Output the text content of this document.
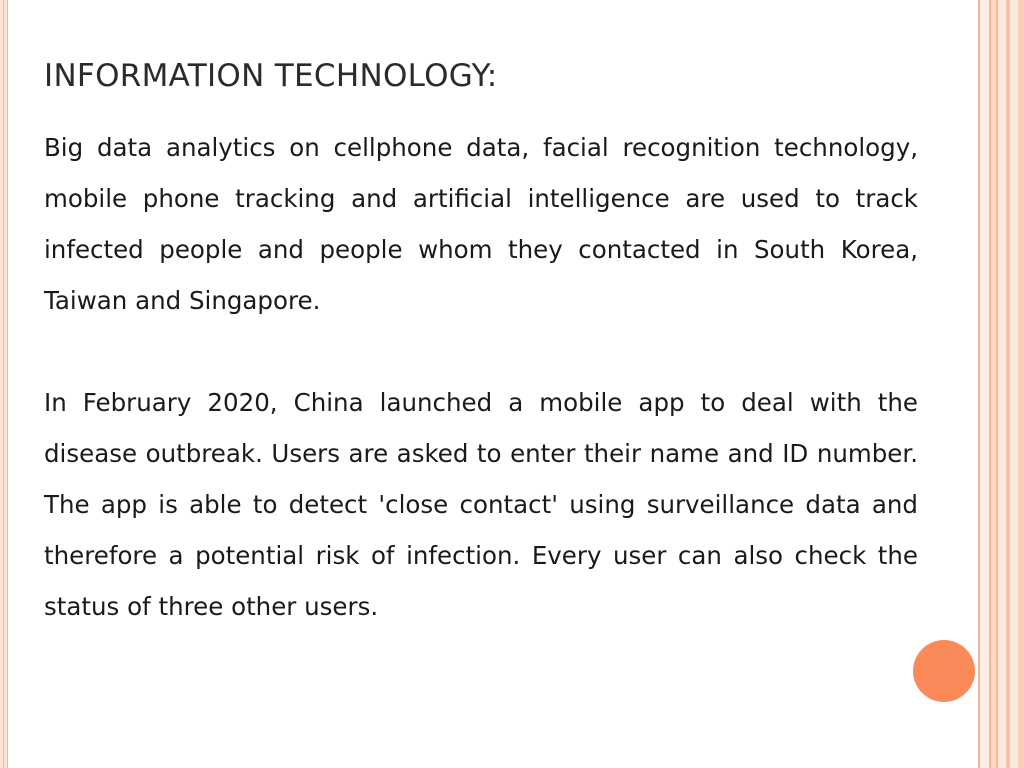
INFORMATION TECHNOLOGY:

Big data analytics on cellphone data, facial recognition technology, mobile phone tracking and artificial intelligence are used to track infected people and people whom they contacted in South Korea, Taiwan and Singapore.

In February 2020, China launched a mobile app to deal with the disease outbreak. Users are asked to enter their name and ID number. The app is able to detect 'close contact' using surveillance data and therefore a potential risk of infection. Every user can also check the status of three other users.
